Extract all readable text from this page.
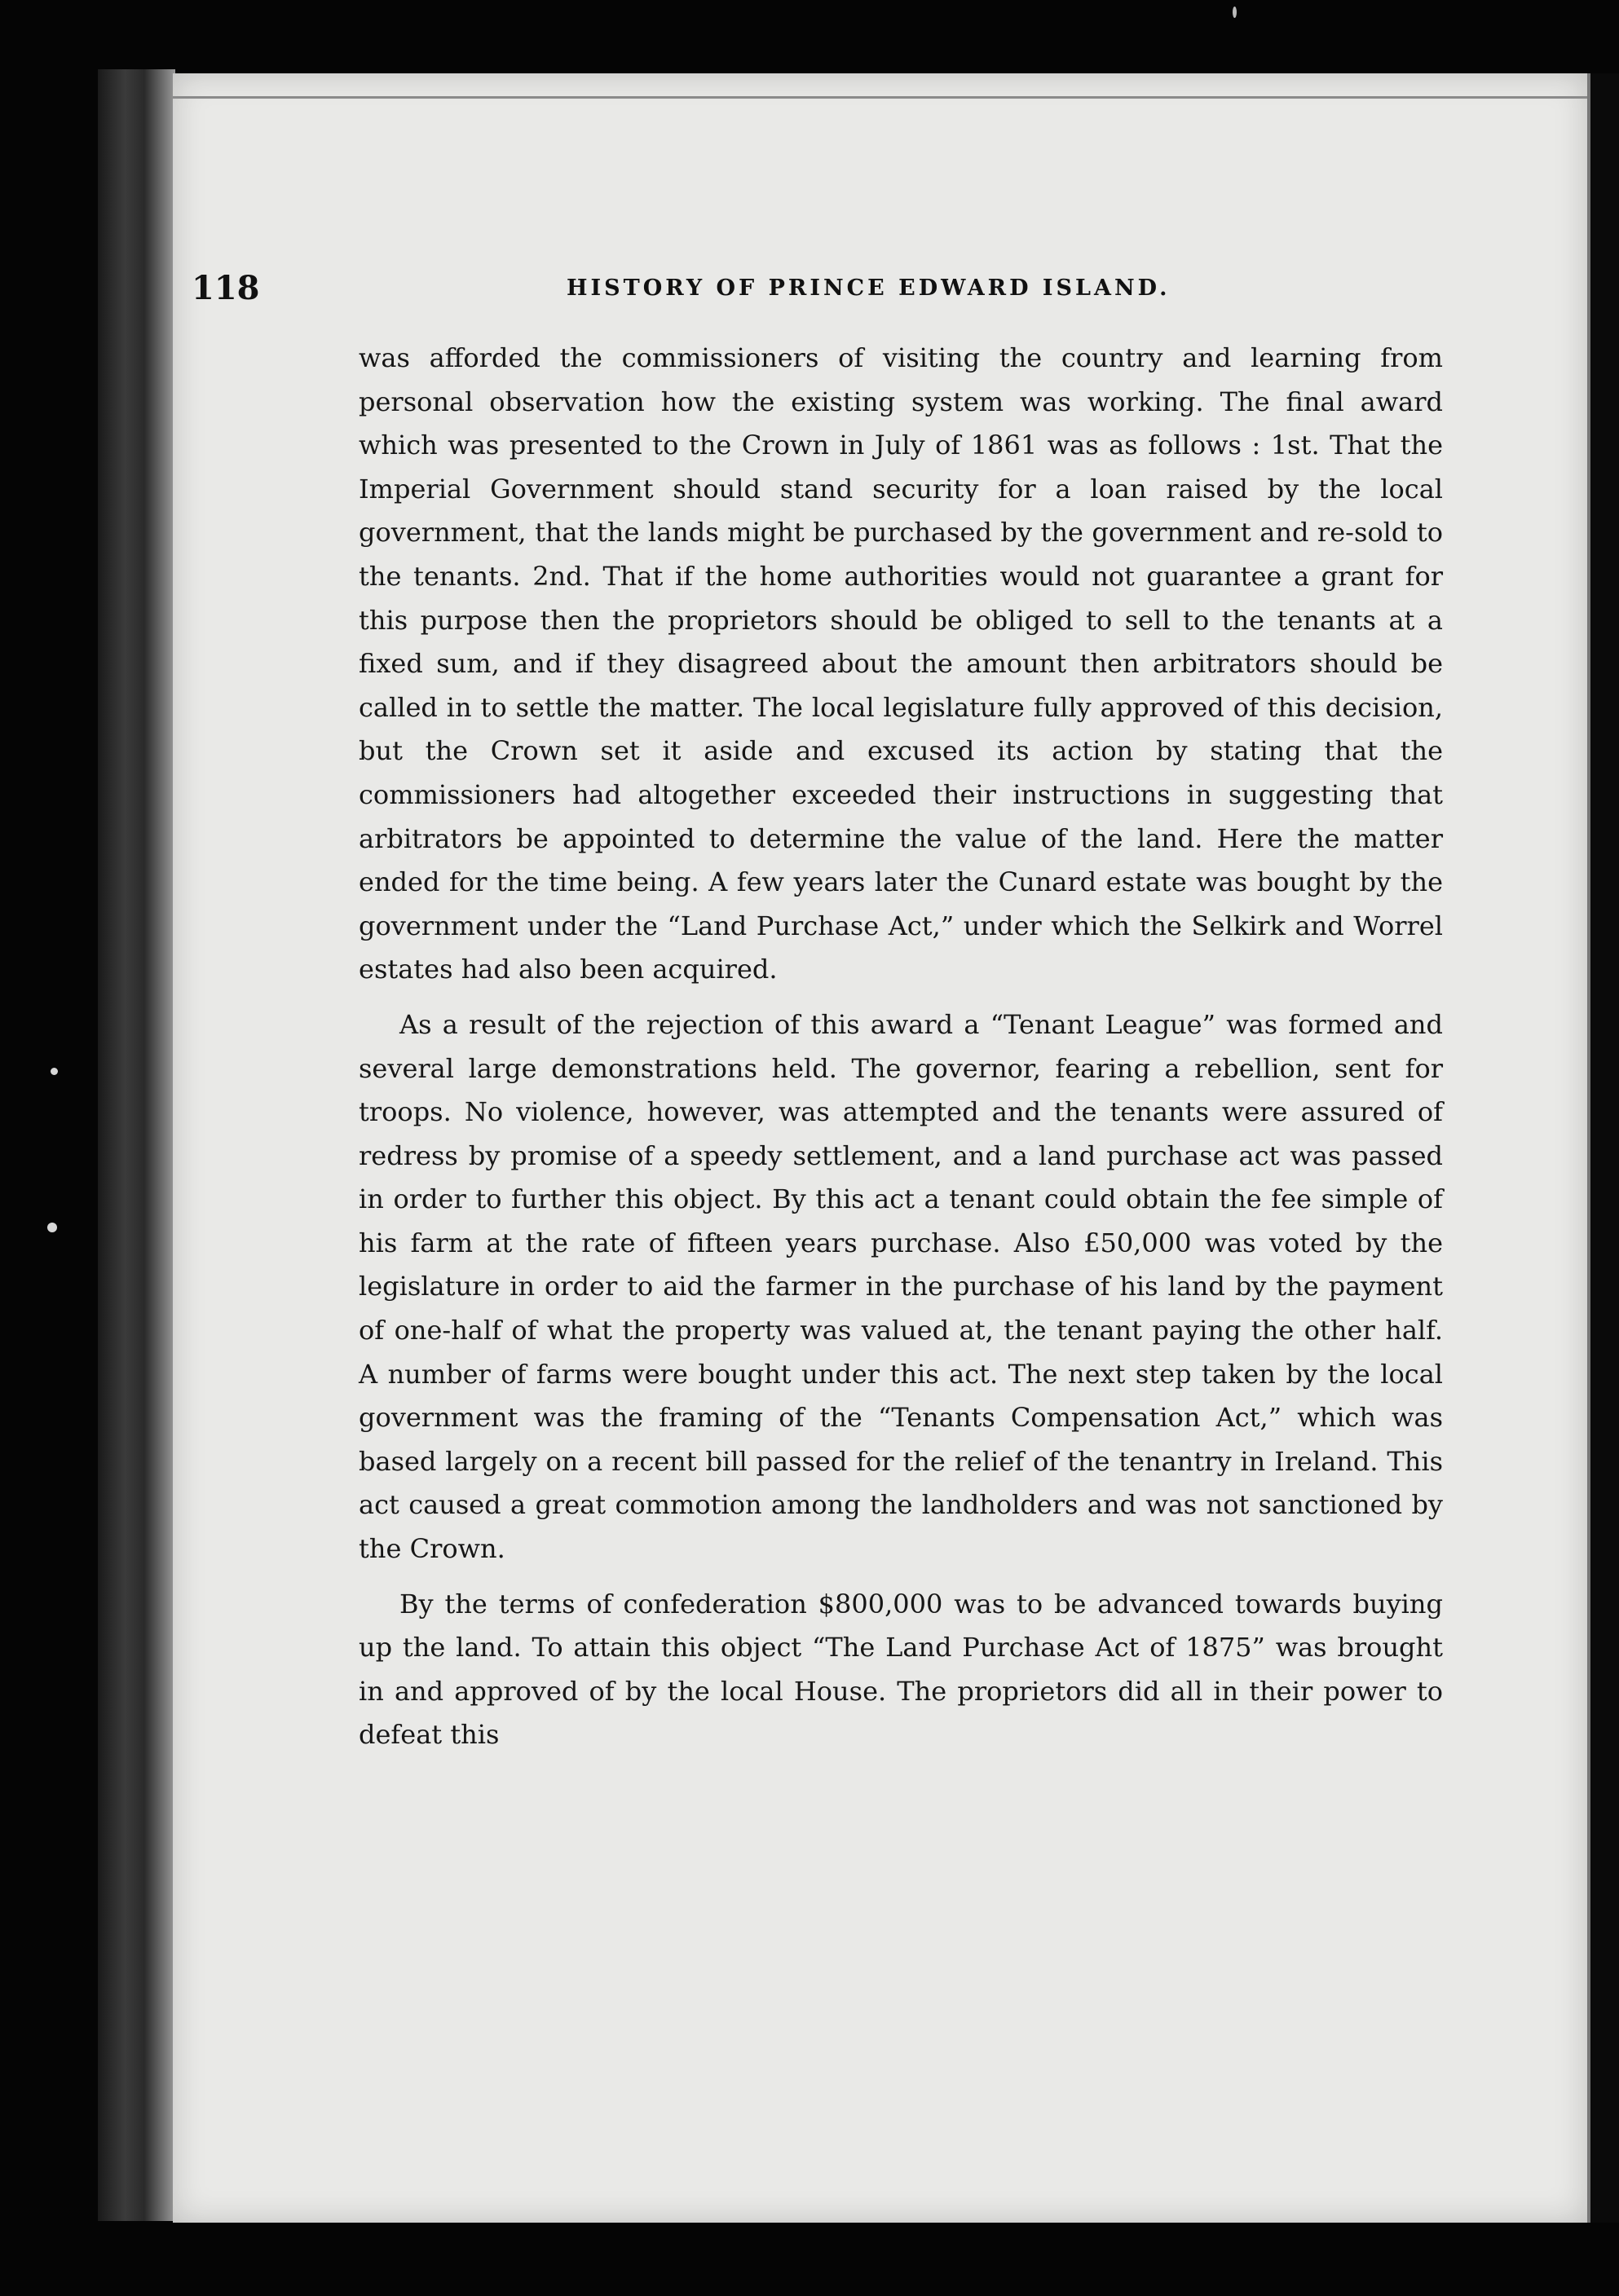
118	HISTORY OF PRINCE EDWARD ISLAND.

was afforded the commissioners of visiting the country and learning from personal observation how the existing system was working. The final award which was presented to the Crown in July of 1861 was as follows : 1st. That the Imperial Government should stand security for a loan raised by the local government, that the lands might be purchased by the government and re-sold to the tenants. 2nd. That if the home authorities would not guarantee a grant for this purpose then the proprietors should be obliged to sell to the tenants at a fixed sum, and if they disagreed about the amount then arbitrators should be called in to settle the matter. The local legislature fully approved of this decision, but the Crown set it aside and excused its action by stating that the commissioners had altogether exceeded their instructions in suggesting that arbitrators be appointed to determine the value of the land. Here the matter ended for the time being. A few years later the Cunard estate was bought by the government under the “Land Purchase Act,” under which the Selkirk and Worrel estates had also been acquired.

As a result of the rejection of this award a “Tenant League” was formed and several large demonstrations held. The governor, fearing a rebellion, sent for troops. No violence, however, was attempted and the tenants were assured of redress by promise of a speedy settlement, and a land purchase act was passed in order to further this object. By this act a tenant could obtain the fee simple of his farm at the rate of fifteen years purchase. Also £50,000 was voted by the legislature in order to aid the farmer in the purchase of his land by the payment of one-half of what the property was valued at, the tenant paying the other half. A number of farms were bought under this act. The next step taken by the local government was the framing of the “Tenants Compensation Act,” which was based largely on a recent bill passed for the relief of the tenantry in Ireland. This act caused a great commotion among the landholders and was not sanctioned by the Crown.

By the terms of confederation $800,000 was to be advanced towards buying up the land. To attain this object “The Land Purchase Act of 1875” was brought in and approved of by the local House. The proprietors did all in their power to defeat this
